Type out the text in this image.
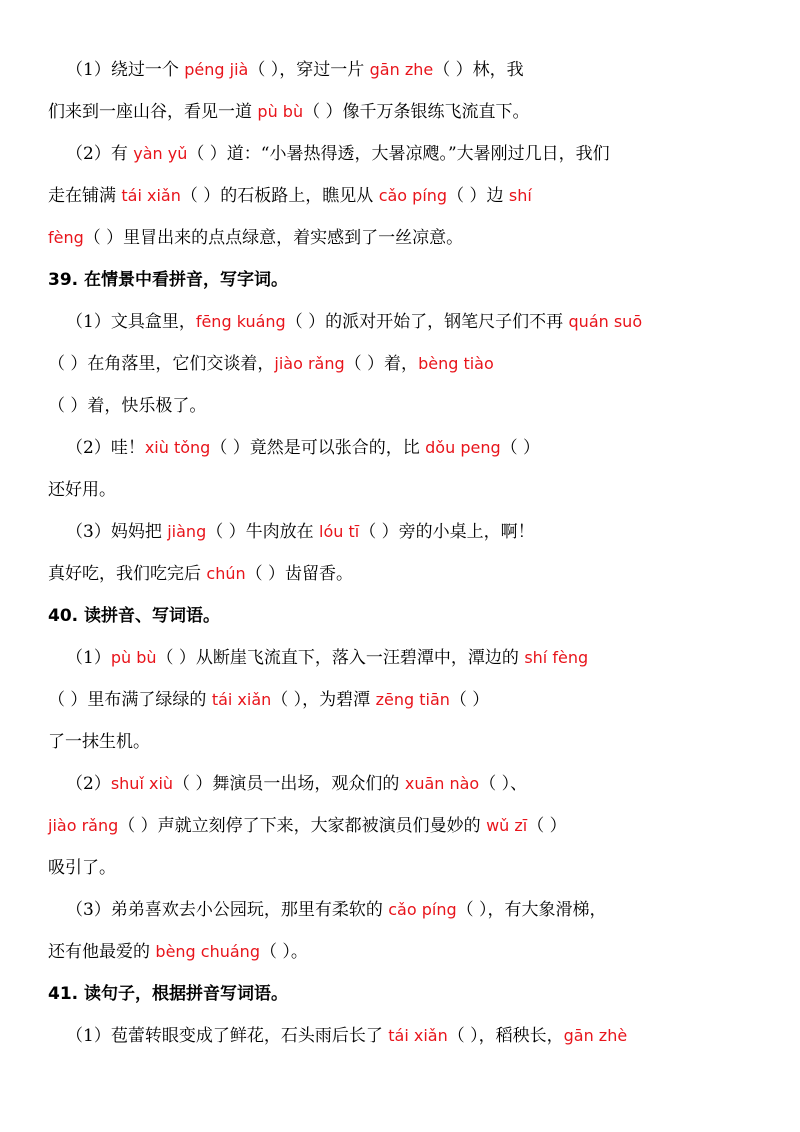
（1）绕过一个 péng jià（ ），穿过一片 gān zhe（ ）林，我
们来到一座山谷，看见一道 pù bù（ ）像千万条银练飞流直下。
（2）有 yàn yǔ（ ）道：“小暑热得透，大暑凉飕。”大暑刚过几日，我们
走在铺满 tái xiǎn（ ）的石板路上，瞧见从 cǎo píng（ ）边 shí
fèng（ ）里冒出来的点点绿意，着实感到了一丝凉意。
39. 在情景中看拼音，写字词。
（1）文具盒里，fēng kuáng（ ）的派对开始了，钢笔尺子们不再 quán suō
（ ）在角落里，它们交谈着，jiào rǎng（ ）着，bèng tiào
（ ）着，快乐极了。
（2）哇！xiù tǒng（ ）竟然是可以张合的，比 dǒu peng（ ）
还好用。
（3）妈妈把 jiàng（ ）牛肉放在 lóu tī（ ）旁的小桌上，啊！
真好吃，我们吃完后 chún（ ）齿留香。
40. 读拼音、写词语。
（1）pù bù（ ）从断崖飞流直下，落入一汪碧潭中，潭边的 shí fèng
（ ）里布满了绿绿的 tái xiǎn（ ），为碧潭 zēng tiān（ ）
了一抹生机。
（2）shuǐ xiù（ ）舞演员一出场，观众们的 xuān nào（ ）、
jiào rǎng（ ）声就立刻停了下来，大家都被演员们曼妙的 wǔ zī（ ）
吸引了。
（3）弟弟喜欢去小公园玩，那里有柔软的 cǎo píng（ ），有大象滑梯，
还有他最爱的 bèng chuáng（ ）。
41. 读句子，根据拼音写词语。
（1）苞蕾转眼变成了鲜花，石头雨后长了 tái xiǎn（ ），稻秧长，gān zhè
